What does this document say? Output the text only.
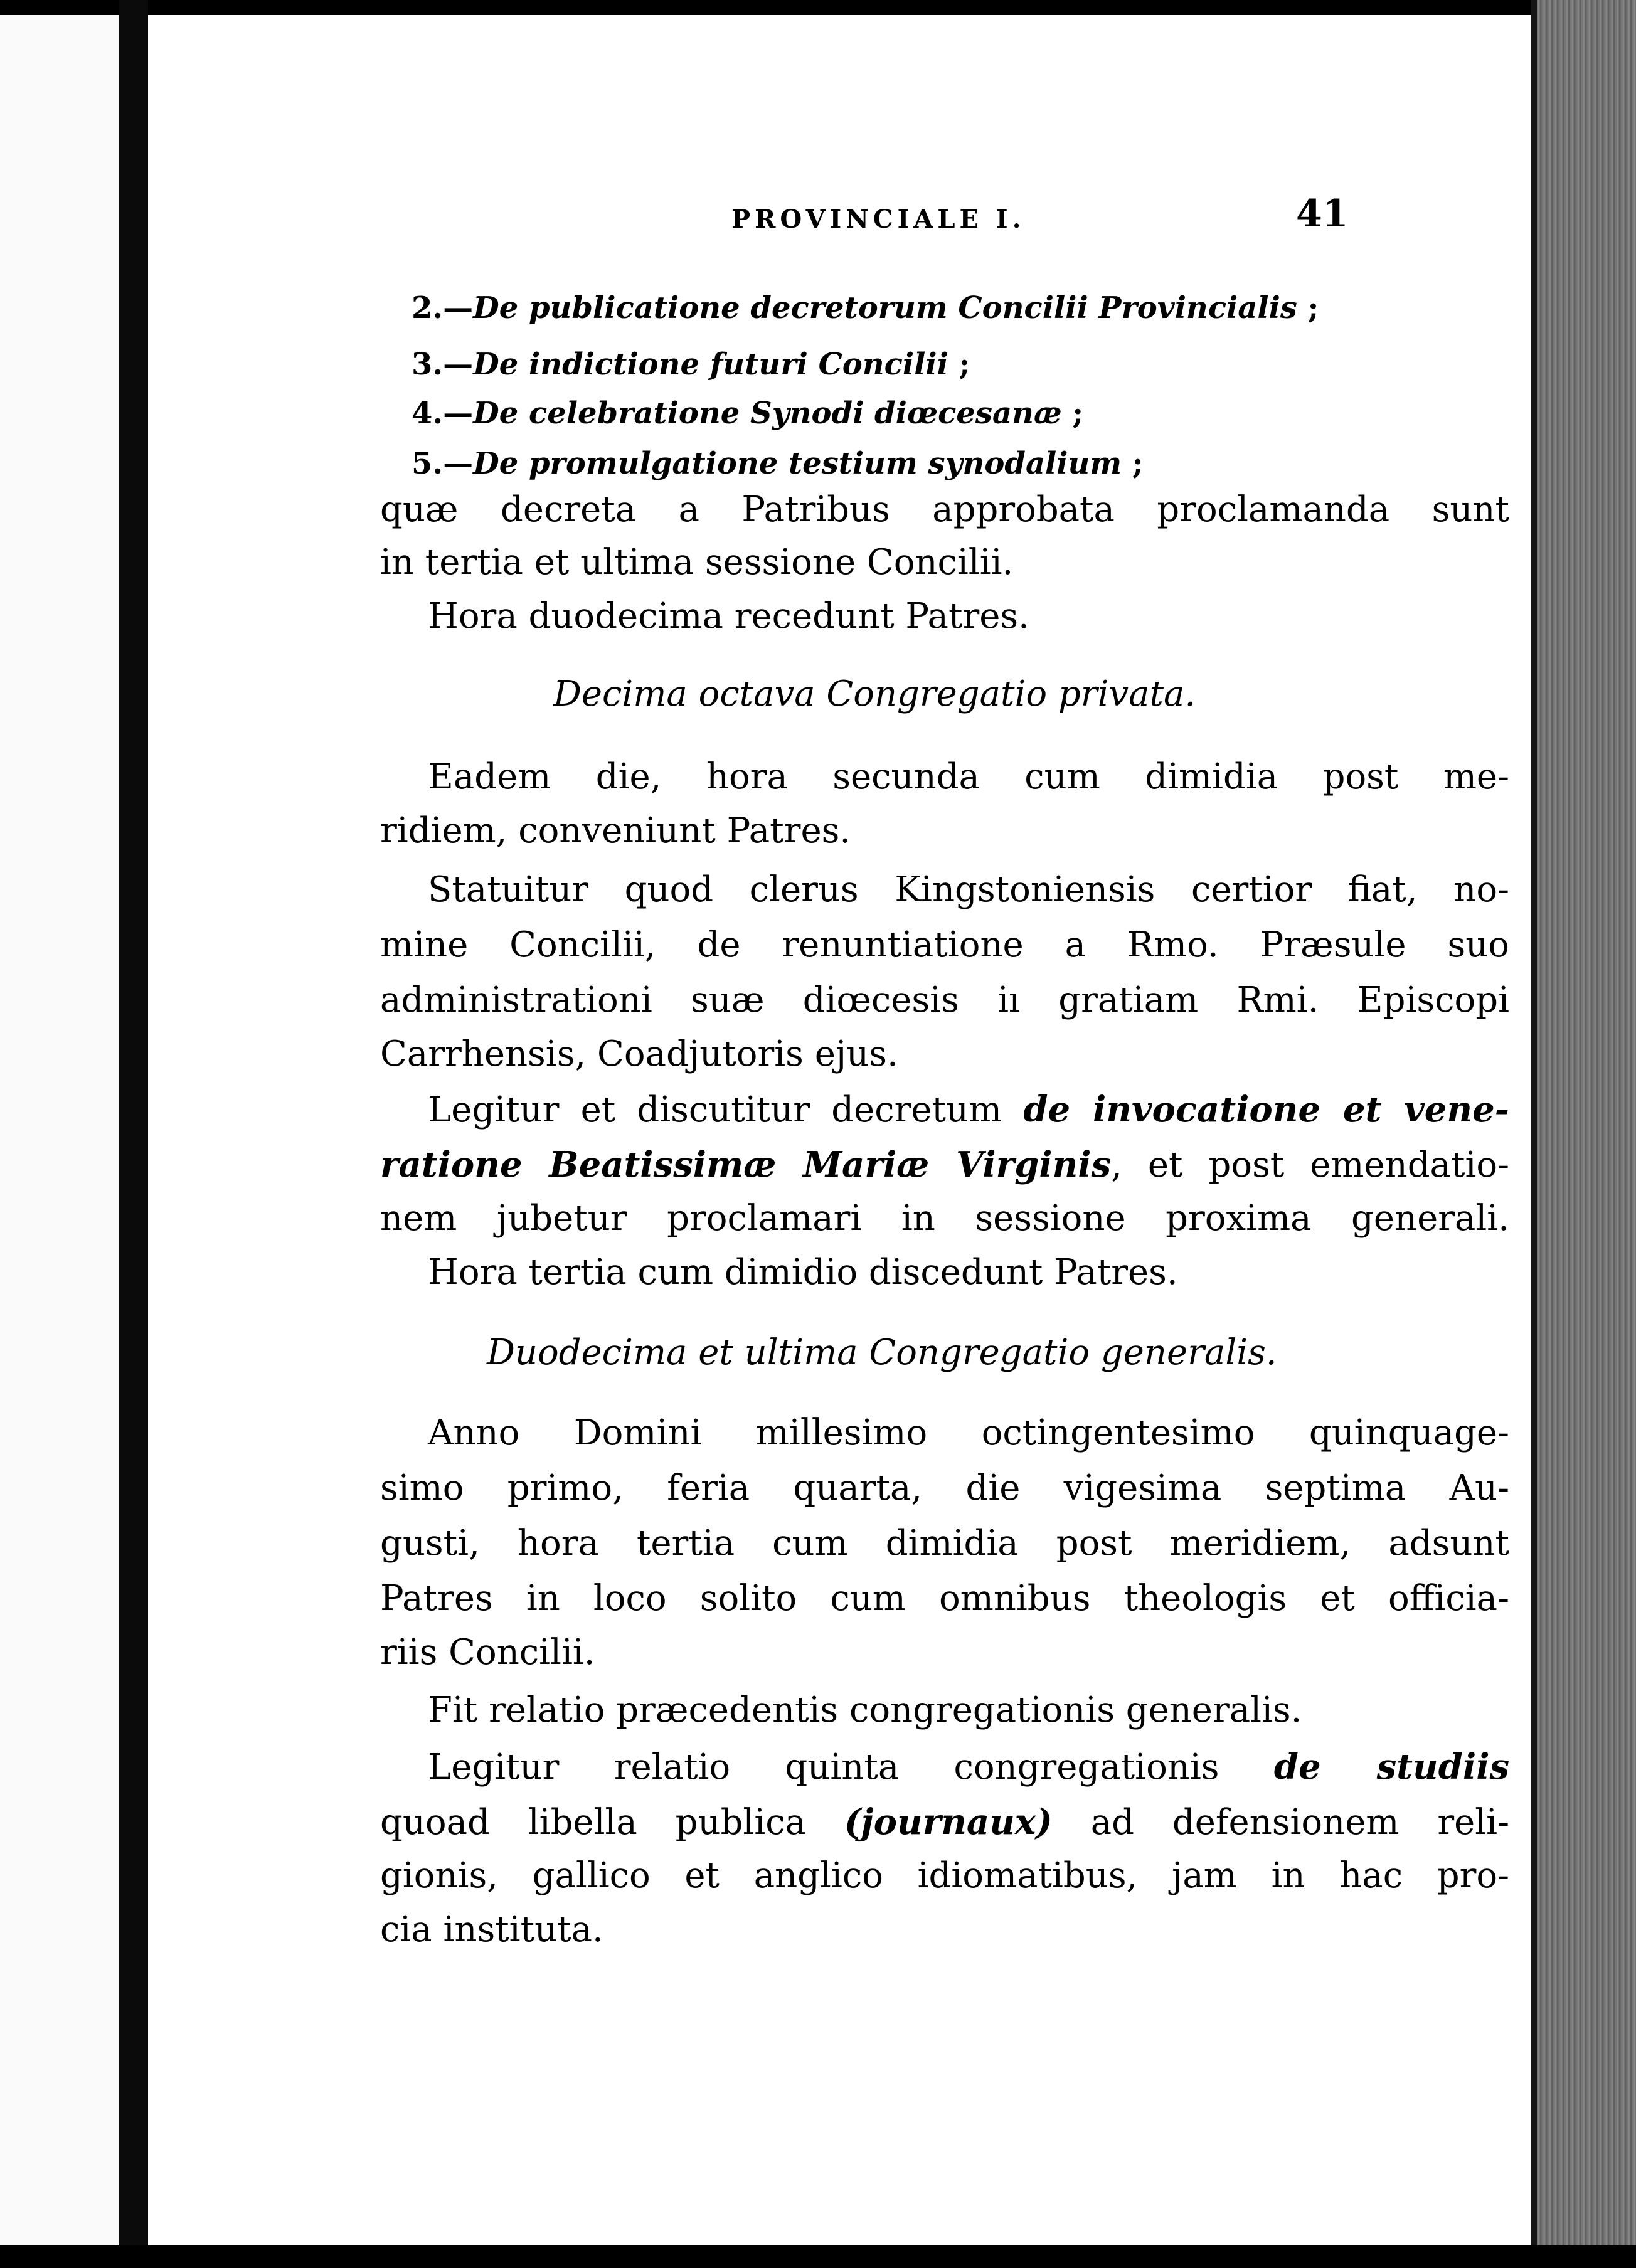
PROVINCIALE I.	41
2.—De publicatione decretorum Concilii Provincialis ;
3.—De indictione futuri Concilii ;
4.—De celebratione Synodi diœcesanæ ;
5.—De promulgatione testium synodalium ;
quæ decreta a Patribus approbata proclamanda sunt
in tertia et ultima sessione Concilii.
Hora duodecima recedunt Patres.
Decima octava Congregatio privata.
Eadem die, hora secunda cum dimidia post me-
ridiem, conveniunt Patres.
Statuitur quod clerus Kingstoniensis certior fiat, no-
mine Concilii, de renuntiatione a Rmo. Præsule suo
administrationi suæ diœcesis iı gratiam Rmi. Episcopi
Carrhensis, Coadjutoris ejus.
Legitur et discutitur decretum de invocatione et vene-
ratione Beatissimæ Mariæ Virginis, et post emendatio-
nem jubetur proclamari in sessione proxima generali.
Hora tertia cum dimidio discedunt Patres.
Duodecima et ultima Congregatio generalis.
Anno Domini millesimo octingentesimo quinquage-
simo primo, feria quarta, die vigesima septima Au-
gusti, hora tertia cum dimidia post meridiem, adsunt
Patres in loco solito cum omnibus theologis et officia-
riis Concilii.
Fit relatio præcedentis congregationis generalis.
Legitur relatio quinta congregationis de studiis
quoad libella publica (journaux) ad defensionem reli-
gionis, gallico et anglico idiomatibus, jam in hac pro-
cia instituta.
